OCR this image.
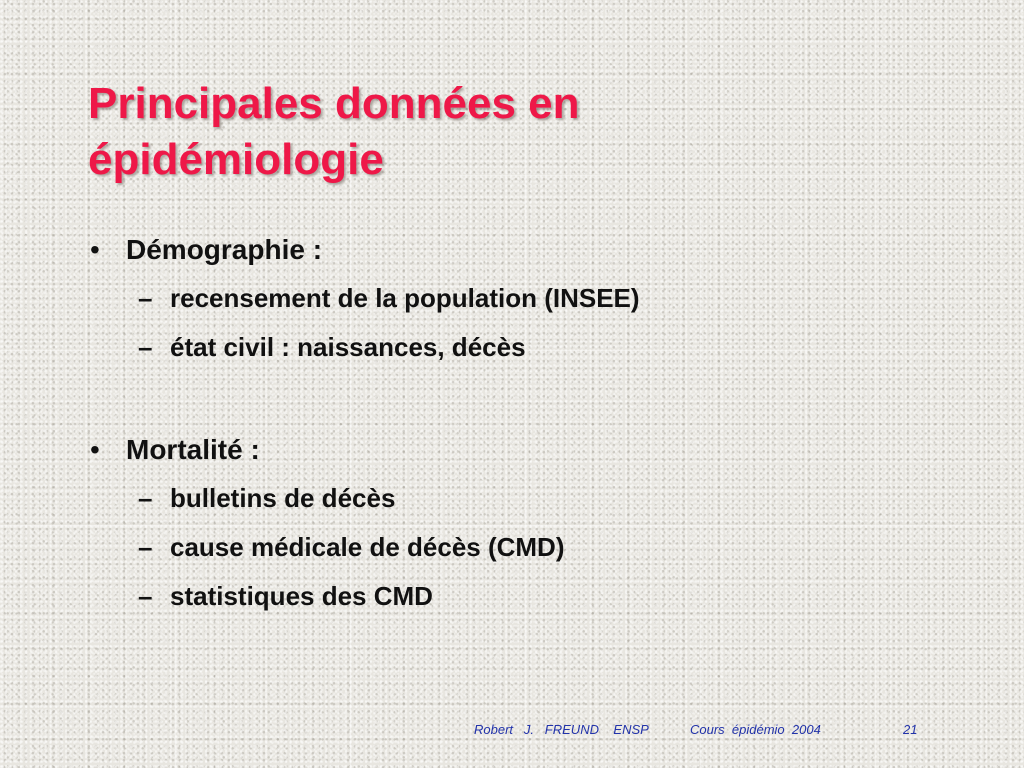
Principales données en
épidémiologie
• Démographie :
– recensement de la population (INSEE)
– état civil : naissances, décès
• Mortalité :
– bulletins de décès
– cause médicale de décès (CMD)
– statistiques des CMD
Robert   J.   FREUND    ENSP	Cours  épidémio  2004	21
